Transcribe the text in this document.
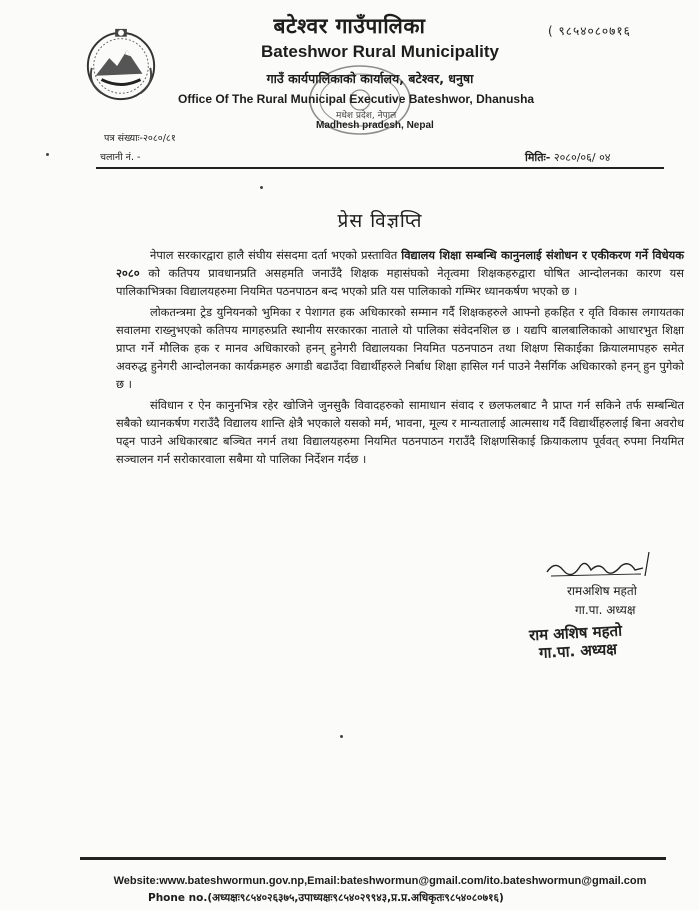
बटेश्वर गाउँपालिका	( ९८५४०८०७१६
Bateshwor Rural Municipality
गाउँ कार्यपालिकाको कार्यालय, बटेश्वर, धनुषा
Office Of The Rural Municipal Executive Bateshwor, Dhanusha
मधेश प्रदेश, नेपाल
Madhesh pradesh, Nepal
पत्र संख्याः-२०८०/८१
चलानी नं. -	मितिः- २०८०/०६/ ०४
प्रेस विज्ञप्ति

नेपाल सरकारद्वारा हालै संघीय संसदमा दर्ता भएको प्रस्तावित विद्यालय शिक्षा सम्बन्धि कानुनलाई संशोधन र एकीकरण गर्ने विधेयक २०८० को कतिपय प्रावधानप्रति असहमति जनाउँदै शिक्षक महासंघको नेतृत्वमा शिक्षकहरुद्वारा घोषित आन्दोलनका कारण यस पालिकाभित्रका विद्यालयहरुमा नियमित पठनपाठन बन्द भएको प्रति यस पालिकाको गम्भिर ध्यानकर्षण भएको छ ।

लोकतन्त्रमा ट्रेड युनियनको भुमिका र पेशागत हक अधिकारको सम्मान गर्दै शिक्षकहरुले आफ्नो हकहित र वृति विकास लगायतका सवालमा राख्नुभएको कतिपय मागहरुप्रति स्थानीय सरकारका नाताले यो पालिका संवेदनशिल छ । यद्यपि बालबालिकाको आधारभुत शिक्षा प्राप्त गर्ने मौलिक हक र मानव अधिकारको हनन् हुनेगरी विद्यालयका नियमित पठनपाठन तथा शिक्षण सिकाईका क्रियालमापहरु समेत अवरुद्ध हुनेगरी आन्दोलनका कार्यक्रमहरु अगाडी बढाउँदा विद्यार्थीहरुले निर्बाध शिक्षा हासिल गर्न पाउने नैसर्गिक अधिकारको हनन् हुन पुगेको छ ।

संविधान र ऐन कानुनभित्र रहेर खोजिने जुनसुकै विवादहरुको सामाधान संवाद र छलफलबाट नै प्राप्त गर्न सकिने तर्फ सम्बन्धित सबैको ध्यानकर्षण गराउँदै विद्यालय शान्ति क्षेत्रै भएकाले यसको मर्म, भावना, मूल्य र मान्यतालाई आत्मसाथ गर्दै विद्यार्थीहरुलाई बिना अवरोध पढ्न पाउने अधिकारबाट बञ्चित नगर्न तथा विद्यालयहरुमा नियमित पठनपाठन गराउँदै शिक्षणसिकाई क्रियाकलाप पूर्ववत् रुपमा नियमित सञ्चालन गर्न सरोकारवाला सबैमा यो पालिका निर्देशन गर्दछ ।

रामअशिष महतो
गा.पा. अध्यक्ष
राम अशिष महतो
गा.पा. अध्यक्ष
Website:www.bateshwormun.gov.np,Email:bateshwormun@gmail.com/ito.bateshwormun@gmail.com
Phone no.(अध्यक्षः९८५४०२६३७५,उपाध्यक्षः९८५४०२९९४३,प्र.प्र.अधिकृतः९८५४०८०७१६)
